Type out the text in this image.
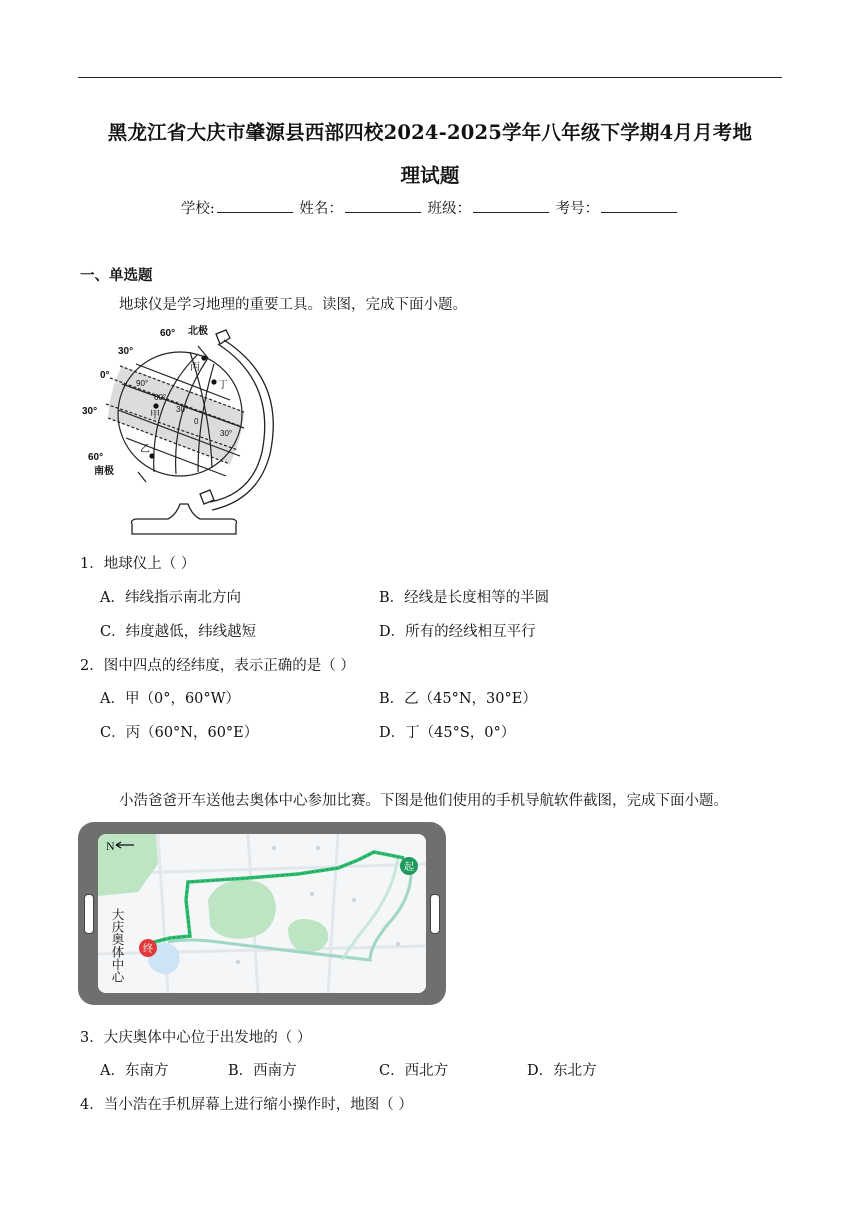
黑龙江省大庆市肇源县西部四校2024-2025学年八年级下学期4月月考地
理试题
学校:	姓名：	班级：	考号：
一、单选题
地球仪是学习地理的重要工具。读图，完成下面小题。
60° 北极
30°
0°
30°
60°
南极
90°
60°
30°
0
30°
丙
丁
甲
乙
1．地球仪上（ ）
A．纬线指示南北方向	B．经线是长度相等的半圆
C．纬度越低，纬线越短	D．所有的经线相互平行
2．图中四点的经纬度，表示正确的是（ ）
A．甲（0°，60°W）	B．乙（45°N，30°E）
C．丙（60°N，60°E）	D．丁（45°S，0°）
小浩爸爸开车送他去奥体中心参加比赛。下图是他们使用的手机导航软件截图，完成下面小题。
起
终
N
大庆奥体中心
3．大庆奥体中心位于出发地的（ ）
A．东南方	B．西南方	C．西北方	D．东北方
4．当小浩在手机屏幕上进行缩小操作时，地图（ ）
